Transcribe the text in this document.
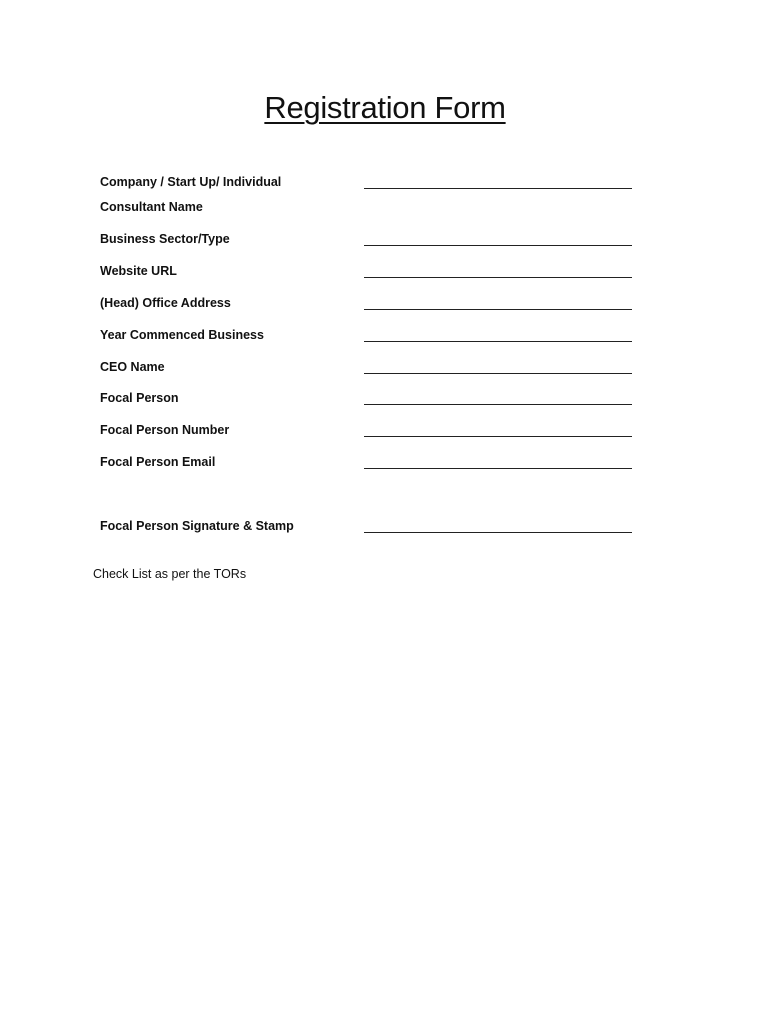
Registration Form
Company / Start Up/ Individual
Consultant Name
Business Sector/Type
Website URL
(Head) Office Address
Year Commenced Business
CEO Name
Focal Person
Focal Person Number
Focal Person Email
Focal Person Signature & Stamp
Check List as per the TORs
